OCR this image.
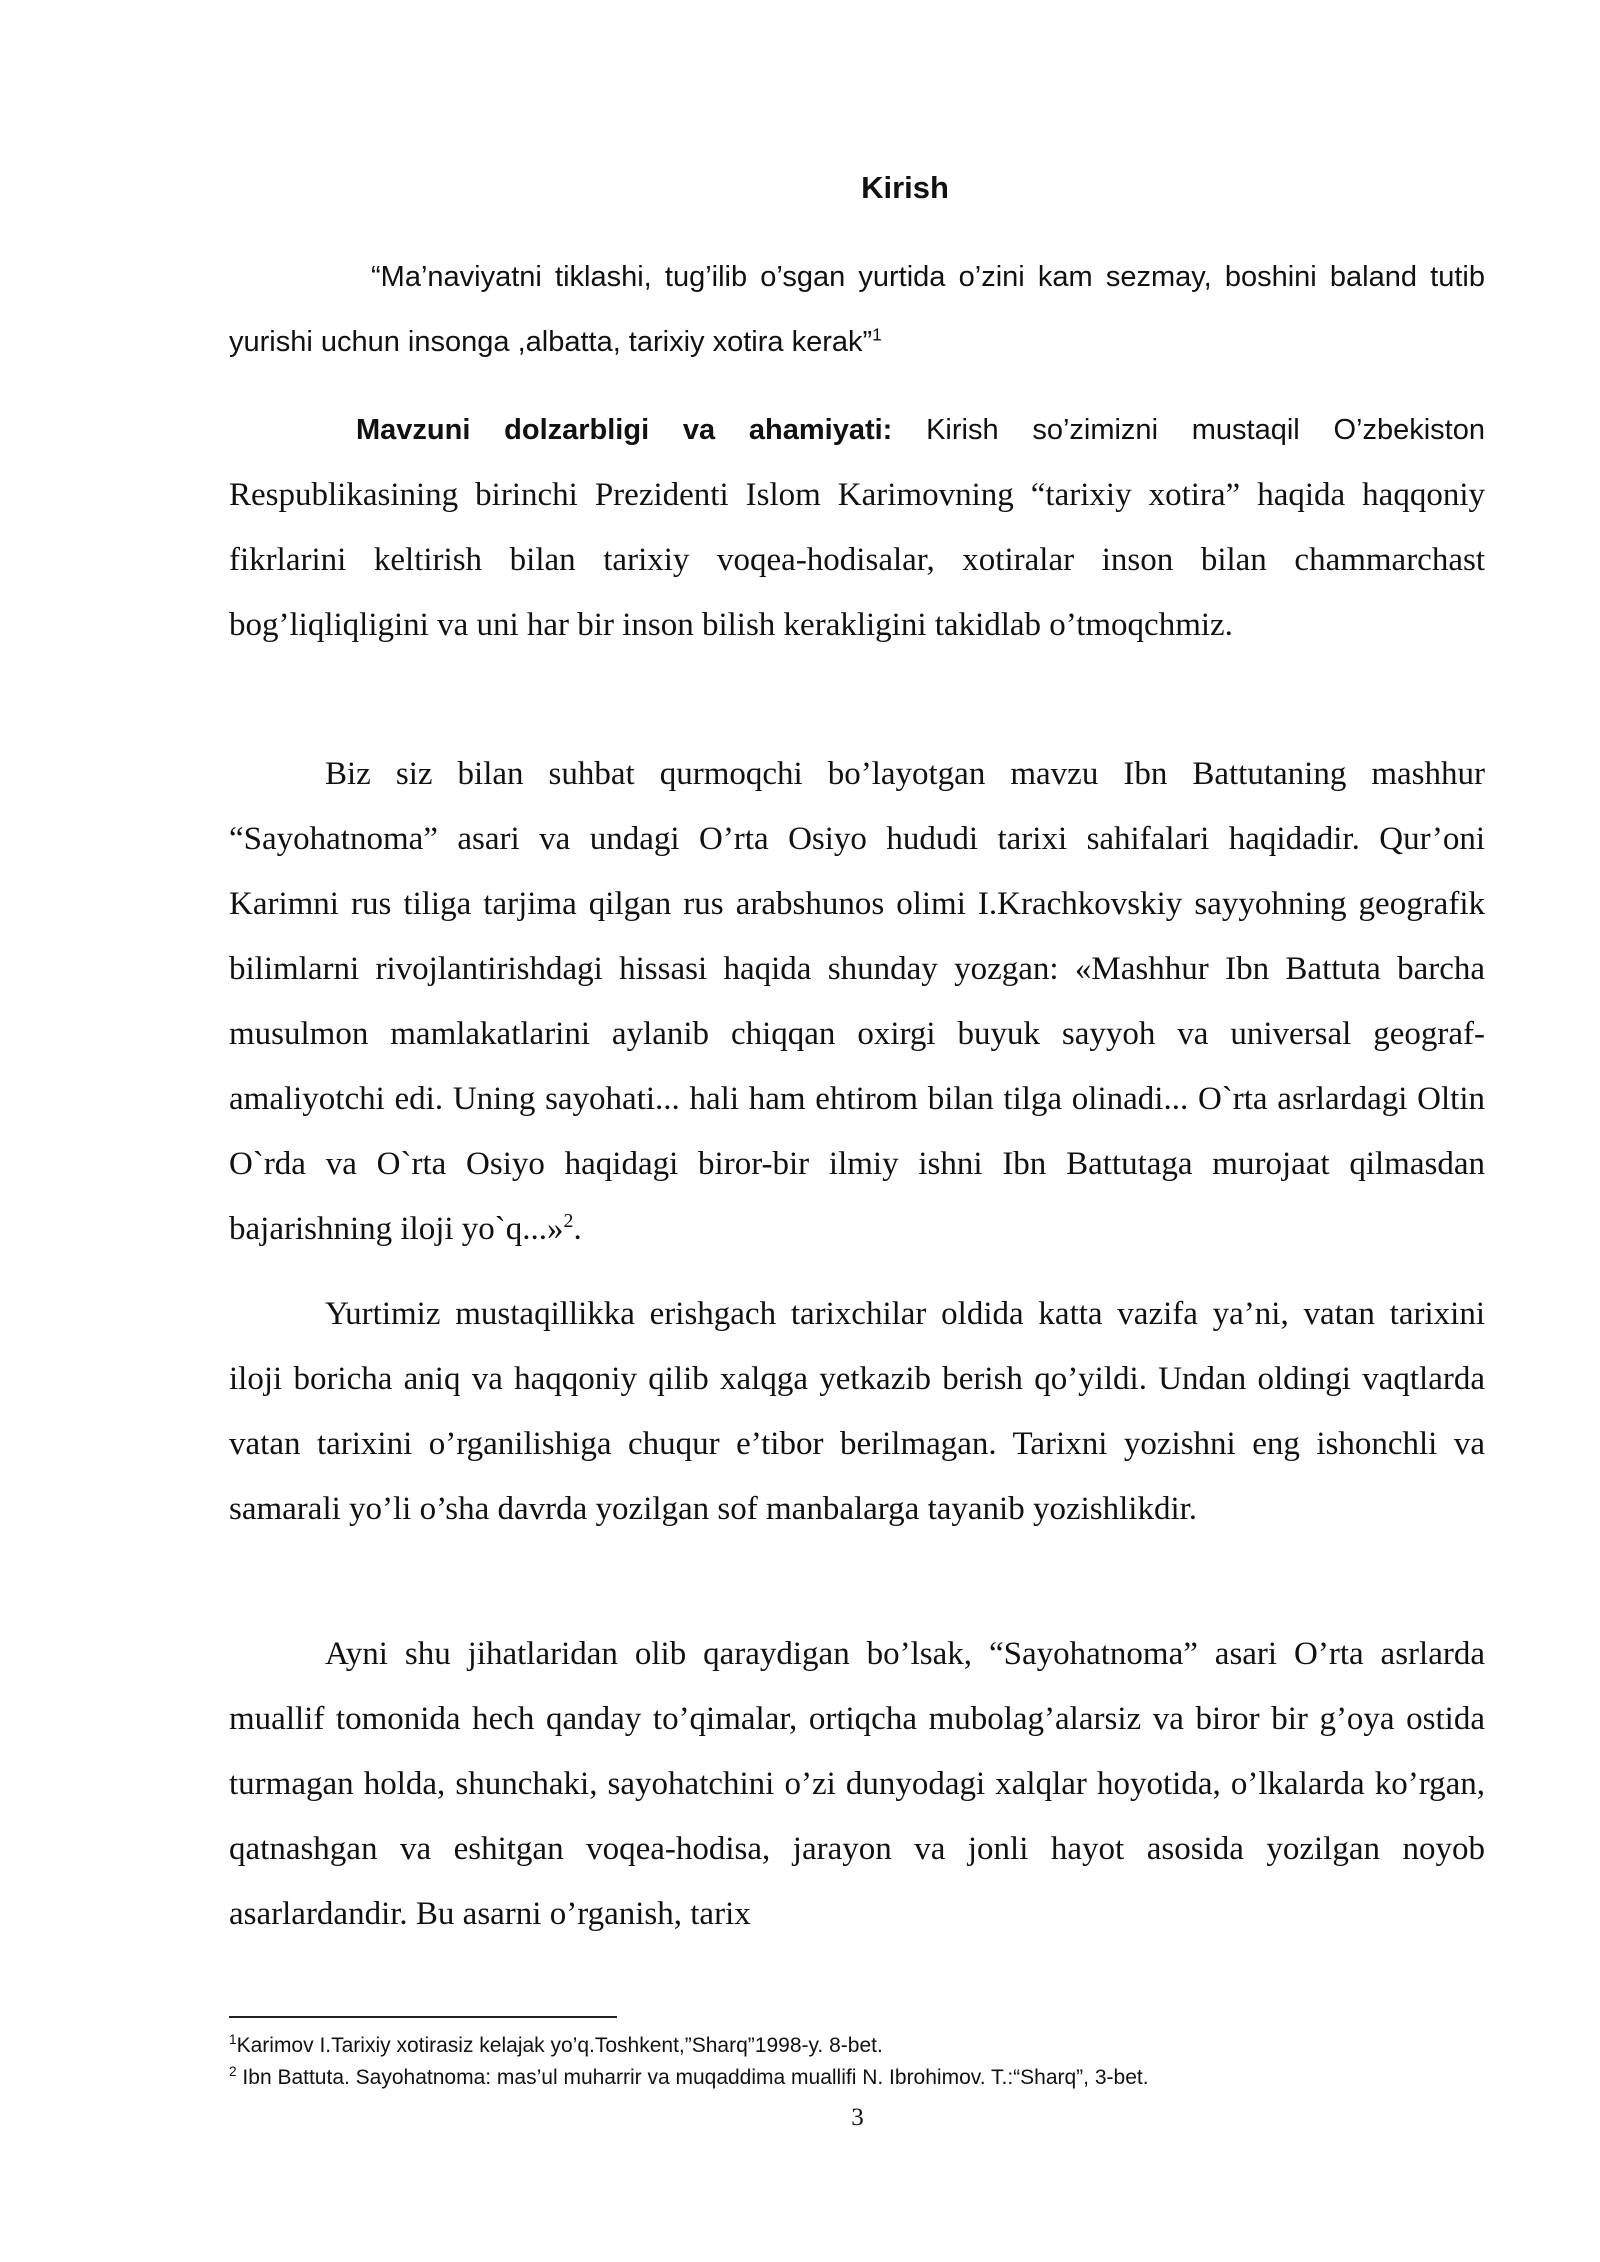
Kirish

“Ma’naviyatni tiklashi, tug’ilib o’sgan yurtida o’zini kam sezmay, boshini baland tutib yurishi uchun insonga ,albatta, tarixiy xotira kerak”$^1$

Mavzuni dolzarbligi va ahamiyati: Kirish so’zimizni mustaqil O’zbekiston Respublikasining birinchi Prezidenti Islom Karimovning “tarixiy xotira” haqida haqqoniy fikrlarini keltirish bilan tarixiy voqea-hodisalar, xotiralar inson bilan chammarchast bog’liqliqligini va uni har bir inson bilish kerakligini takidlab o’tmoqchmiz.

Biz siz bilan suhbat qurmoqchi bo’layotgan mavzu Ibn Battutaning mashhur “Sayohatnoma” asari va undagi O’rta Osiyo hududi tarixi sahifalari haqidadir. Qur’oni Karimni rus tiliga tarjima qilgan rus arabshunos olimi I.Krachkovskiy sayyohning geografik bilimlarni rivojlantirishdagi hissasi haqida shunday yozgan: «Mashhur Ibn Battuta barcha musulmon mamlakatlarini aylanib chiqqan oxirgi buyuk sayyoh va universal geograf-amaliyotchi edi. Uning sayohati... hali ham ehtirom bilan tilga olinadi... O`rta asrlardagi Oltin O`rda va O`rta Osiyo haqidagi biror-bir ilmiy ishni Ibn Battutaga murojaat qilmasdan bajarishning iloji yo`q...»$^2$.

Yurtimiz mustaqillikka erishgach tarixchilar oldida katta vazifa ya’ni, vatan tarixini iloji boricha aniq va haqqoniy qilib xalqga yetkazib berish qo’yildi. Undan oldingi vaqtlarda vatan tarixini o’rganilishiga chuqur e’tibor berilmagan. Tarixni yozishni eng ishonchli va samarali yo’li o’sha davrda yozilgan sof manbalarga tayanib yozishlikdir.

Ayni shu jihatlaridan olib qaraydigan bo’lsak, “Sayohatnoma” asari O’rta asrlarda muallif tomonida hech qanday to’qimalar, ortiqcha mubolag’alarsiz va biror bir g’oya ostida turmagan holda, shunchaki, sayohatchini o’zi dunyodagi xalqlar hoyotida, o’lkalarda ko’rgan, qatnashgan va eshitgan voqea-hodisa, jarayon va jonli hayot asosida yozilgan noyob asarlardandir. Bu asarni o’rganish, tarix

$^1$Karimov I.Tarixiy xotirasiz kelajak yo’q.Toshkent,”Sharq”1998-y. 8-bet.

$^2$ Ibn Battuta. Sayohatnoma: mas’ul muharrir va muqaddima muallifi N. Ibrohimov. T.:“Sharq”, 3-bet.

3
